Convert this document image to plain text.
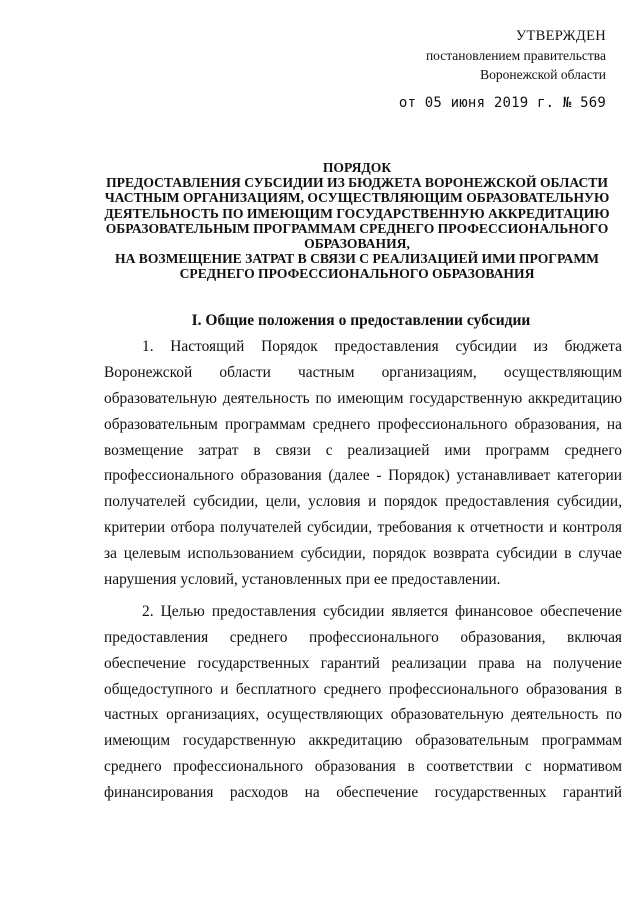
УТВЕРЖДЕН
постановлением правительства
Воронежской области
от 05 июня 2019 г. № 569
ПОРЯДОК
ПРЕДОСТАВЛЕНИЯ СУБСИДИИ ИЗ БЮДЖЕТА ВОРОНЕЖСКОЙ ОБЛАСТИ
ЧАСТНЫМ ОРГАНИЗАЦИЯМ, ОСУЩЕСТВЛЯЮЩИМ ОБРАЗОВАТЕЛЬНУЮ
ДЕЯТЕЛЬНОСТЬ ПО ИМЕЮЩИМ ГОСУДАРСТВЕННУЮ АККРЕДИТАЦИЮ
ОБРАЗОВАТЕЛЬНЫМ ПРОГРАММАМ СРЕДНЕГО ПРОФЕССИОНАЛЬНОГО
ОБРАЗОВАНИЯ,
НА ВОЗМЕЩЕНИЕ ЗАТРАТ В СВЯЗИ С РЕАЛИЗАЦИЕЙ ИМИ ПРОГРАММ
СРЕДНЕГО ПРОФЕССИОНАЛЬНОГО ОБРАЗОВАНИЯ
I. Общие положения о предоставлении субсидии
1. Настоящий Порядок предоставления субсидии из бюджета
Воронежской области частным организациям, осуществляющим
образовательную деятельность по имеющим государственную аккредитацию
образовательным программам среднего профессионального образования, на
возмещение затрат в связи с реализацией ими программ среднего
профессионального образования (далее - Порядок) устанавливает категории
получателей субсидии, цели, условия и порядок предоставления субсидии,
критерии отбора получателей субсидии, требования к отчетности и контроля
за целевым использованием субсидии, порядок возврата субсидии в случае
нарушения условий, установленных при ее предоставлении.
2. Целью предоставления субсидии является финансовое обеспечение
предоставления среднего профессионального образования, включая
обеспечение государственных гарантий реализации права на получение
общедоступного и бесплатного среднего профессионального образования в
частных организациях, осуществляющих образовательную деятельность по
имеющим государственную аккредитацию образовательным программам
среднего профессионального образования в соответствии с нормативом
финансирования расходов на обеспечение государственных гарантий
